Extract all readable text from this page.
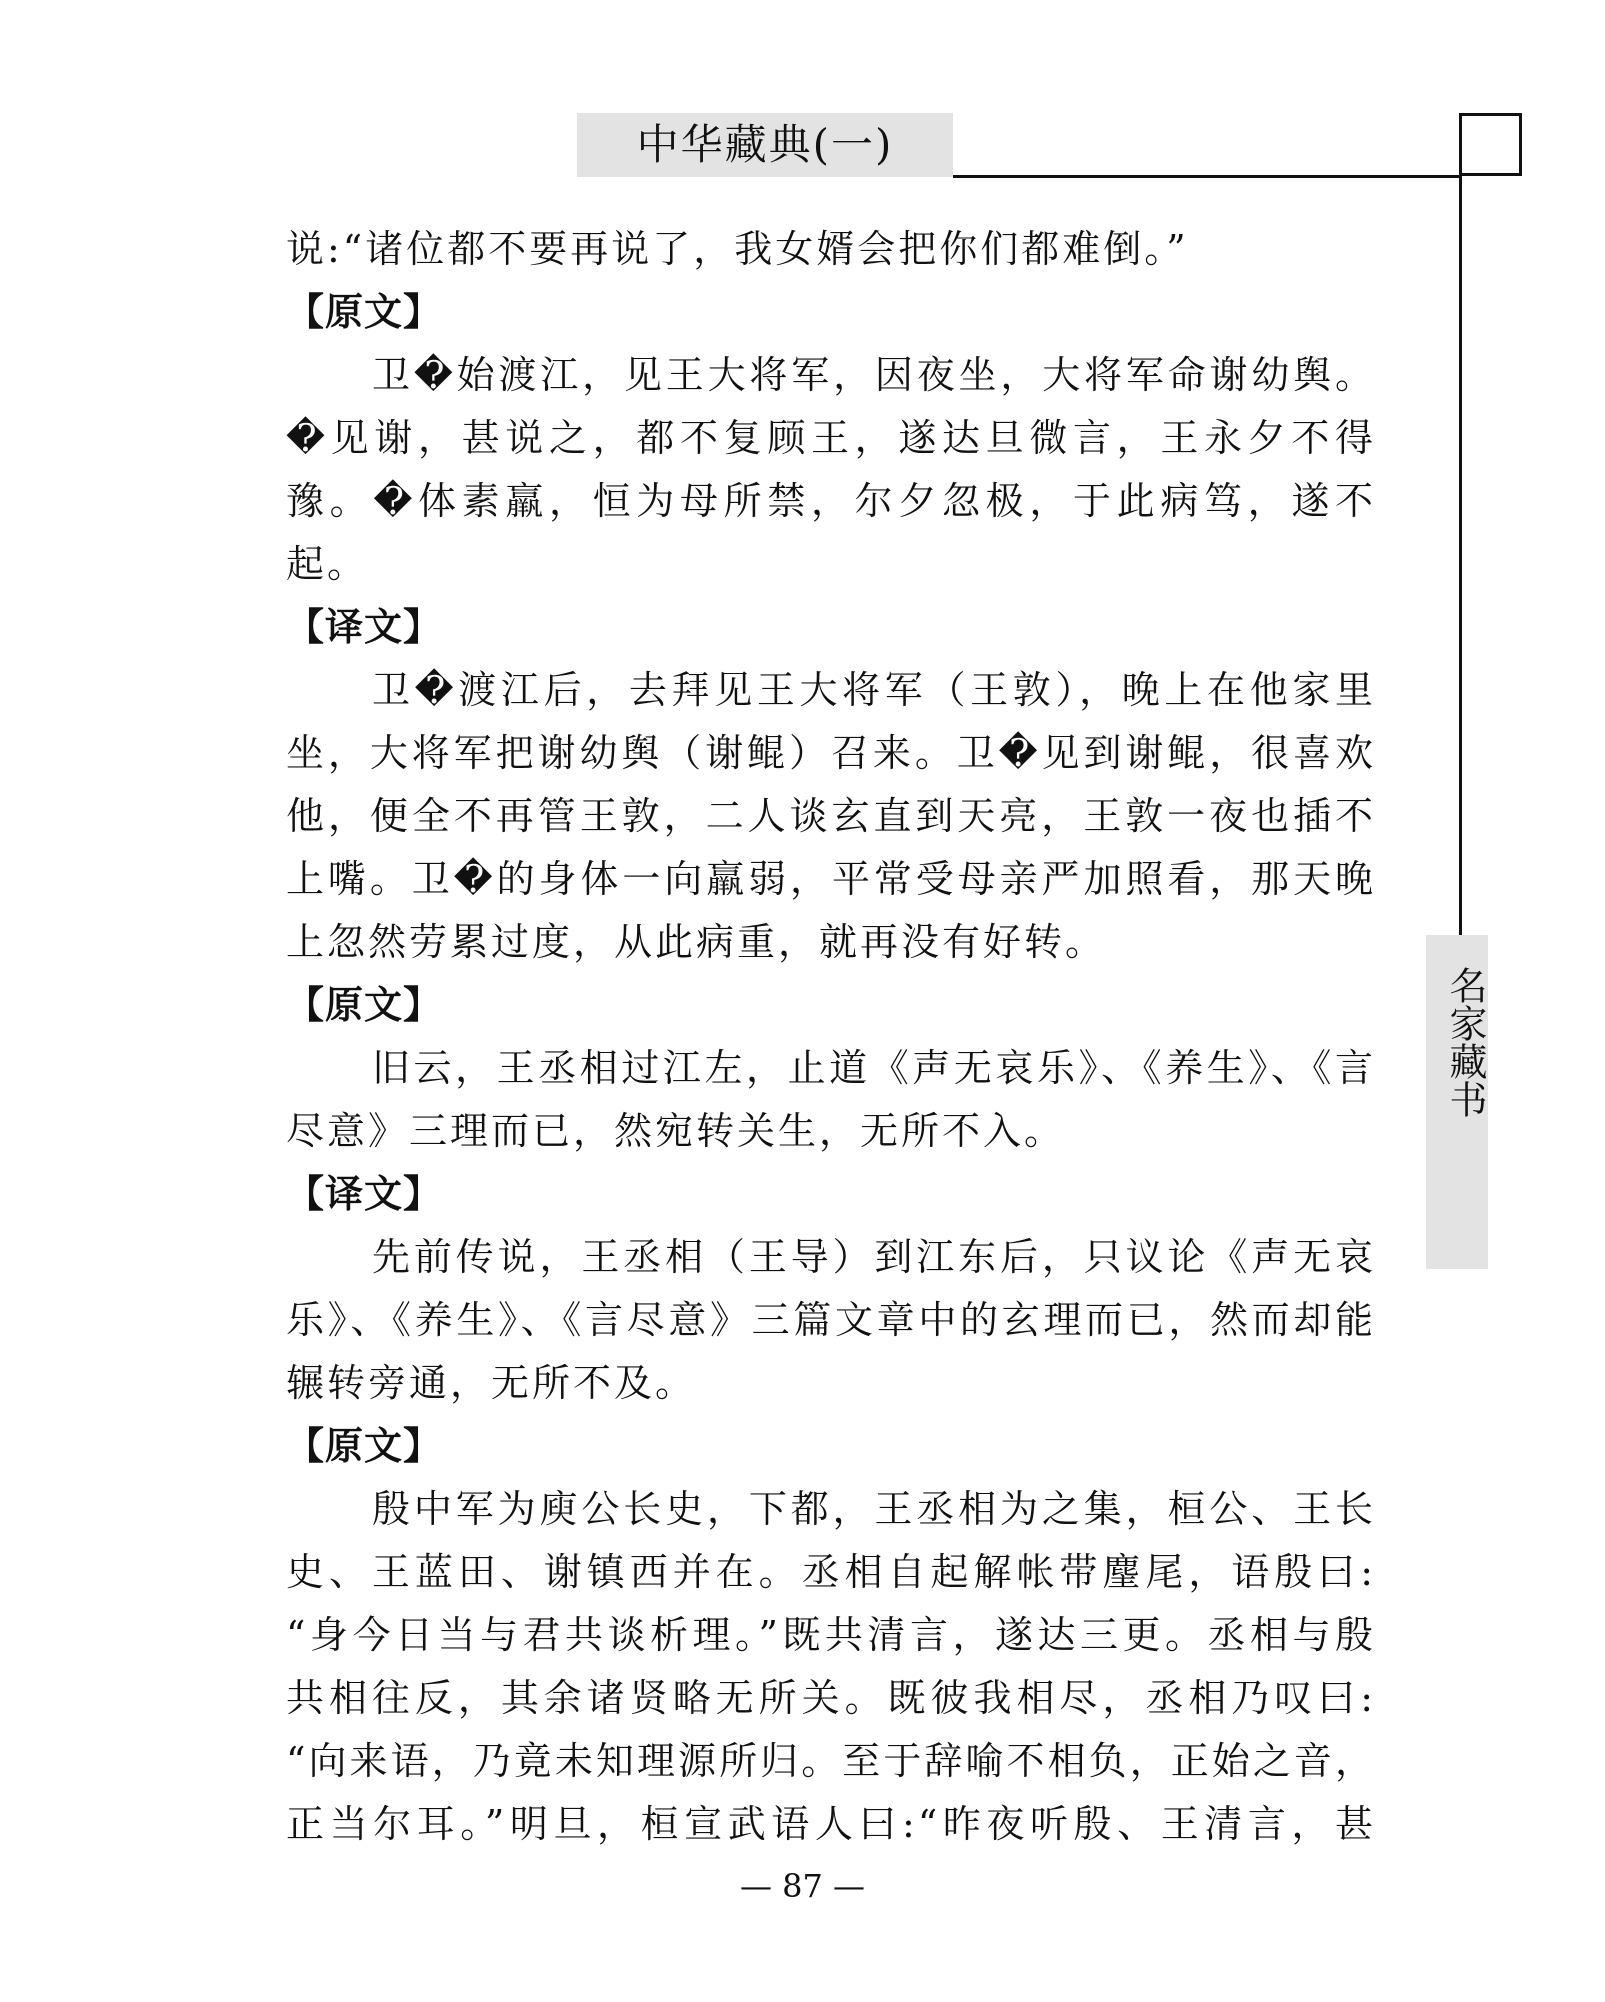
中华藏典(一)
名家藏书
说:“诸位都不要再说了，我女婿会把你们都难倒。”
【原文】
卫�始渡江，见王大将军，因夜坐，大将军命谢幼舆。
�见谢，甚说之，都不复顾王，遂达旦微言，王永夕不得
豫。�体素羸，恒为母所禁，尔夕忽极，于此病笃，遂不
起。
【译文】
卫�渡江后，去拜见王大将军（王敦），晚上在他家里
坐，大将军把谢幼舆（谢鲲）召来。卫�见到谢鲲，很喜欢
他，便全不再管王敦，二人谈玄直到天亮，王敦一夜也插不
上嘴。卫�的身体一向羸弱，平常受母亲严加照看，那天晚
上忽然劳累过度，从此病重，就再没有好转。
【原文】
旧云，王丞相过江左，止道《声无哀乐》、《养生》、《言
尽意》三理而已，然宛转关生，无所不入。
【译文】
先前传说，王丞相（王导）到江东后，只议论《声无哀
乐》、《养生》、《言尽意》三篇文章中的玄理而已，然而却能
辗转旁通，无所不及。
【原文】
殷中军为庾公长史，下都，王丞相为之集，桓公、王长
史、王蓝田、谢镇西并在。丞相自起解帐带麈尾，语殷曰:
“身今日当与君共谈析理。”既共清言，遂达三更。丞相与殷
共相往反，其余诸贤略无所关。既彼我相尽，丞相乃叹曰:
“向来语，乃竟未知理源所归。至于辞喻不相负，正始之音，
正当尔耳。”明旦，桓宣武语人曰:“昨夜听殷、王清言，甚
— 87 —
